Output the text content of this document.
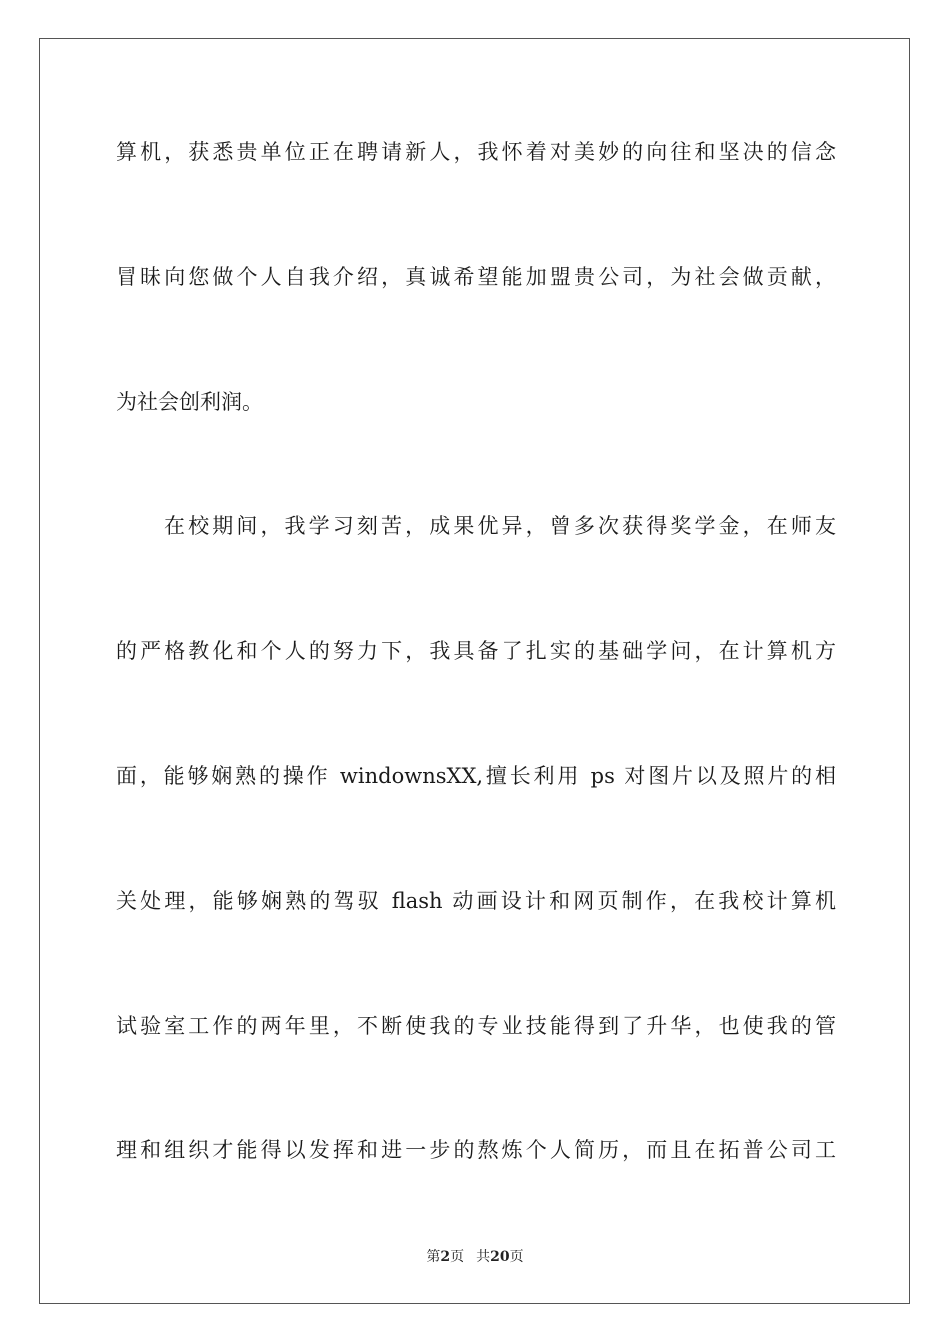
算机，获悉贵单位正在聘请新人，我怀着对美妙的向往和坚决的信念
冒昧向您做个人自我介绍，真诚希望能加盟贵公司，为社会做贡献，
为社会创利润。
在校期间，我学习刻苦，成果优异，曾多次获得奖学金，在师友
的严格教化和个人的努力下，我具备了扎实的基础学问，在计算机方
面，能够娴熟的操作 windownsXX,擅长利用 ps 对图片以及照片的相
关处理，能够娴熟的驾驭 flash 动画设计和网页制作，在我校计算机
试验室工作的两年里，不断使我的专业技能得到了升华，也使我的管
理和组织才能得以发挥和进一步的熬炼个人简历，而且在拓普公司工
第2页 共20页
